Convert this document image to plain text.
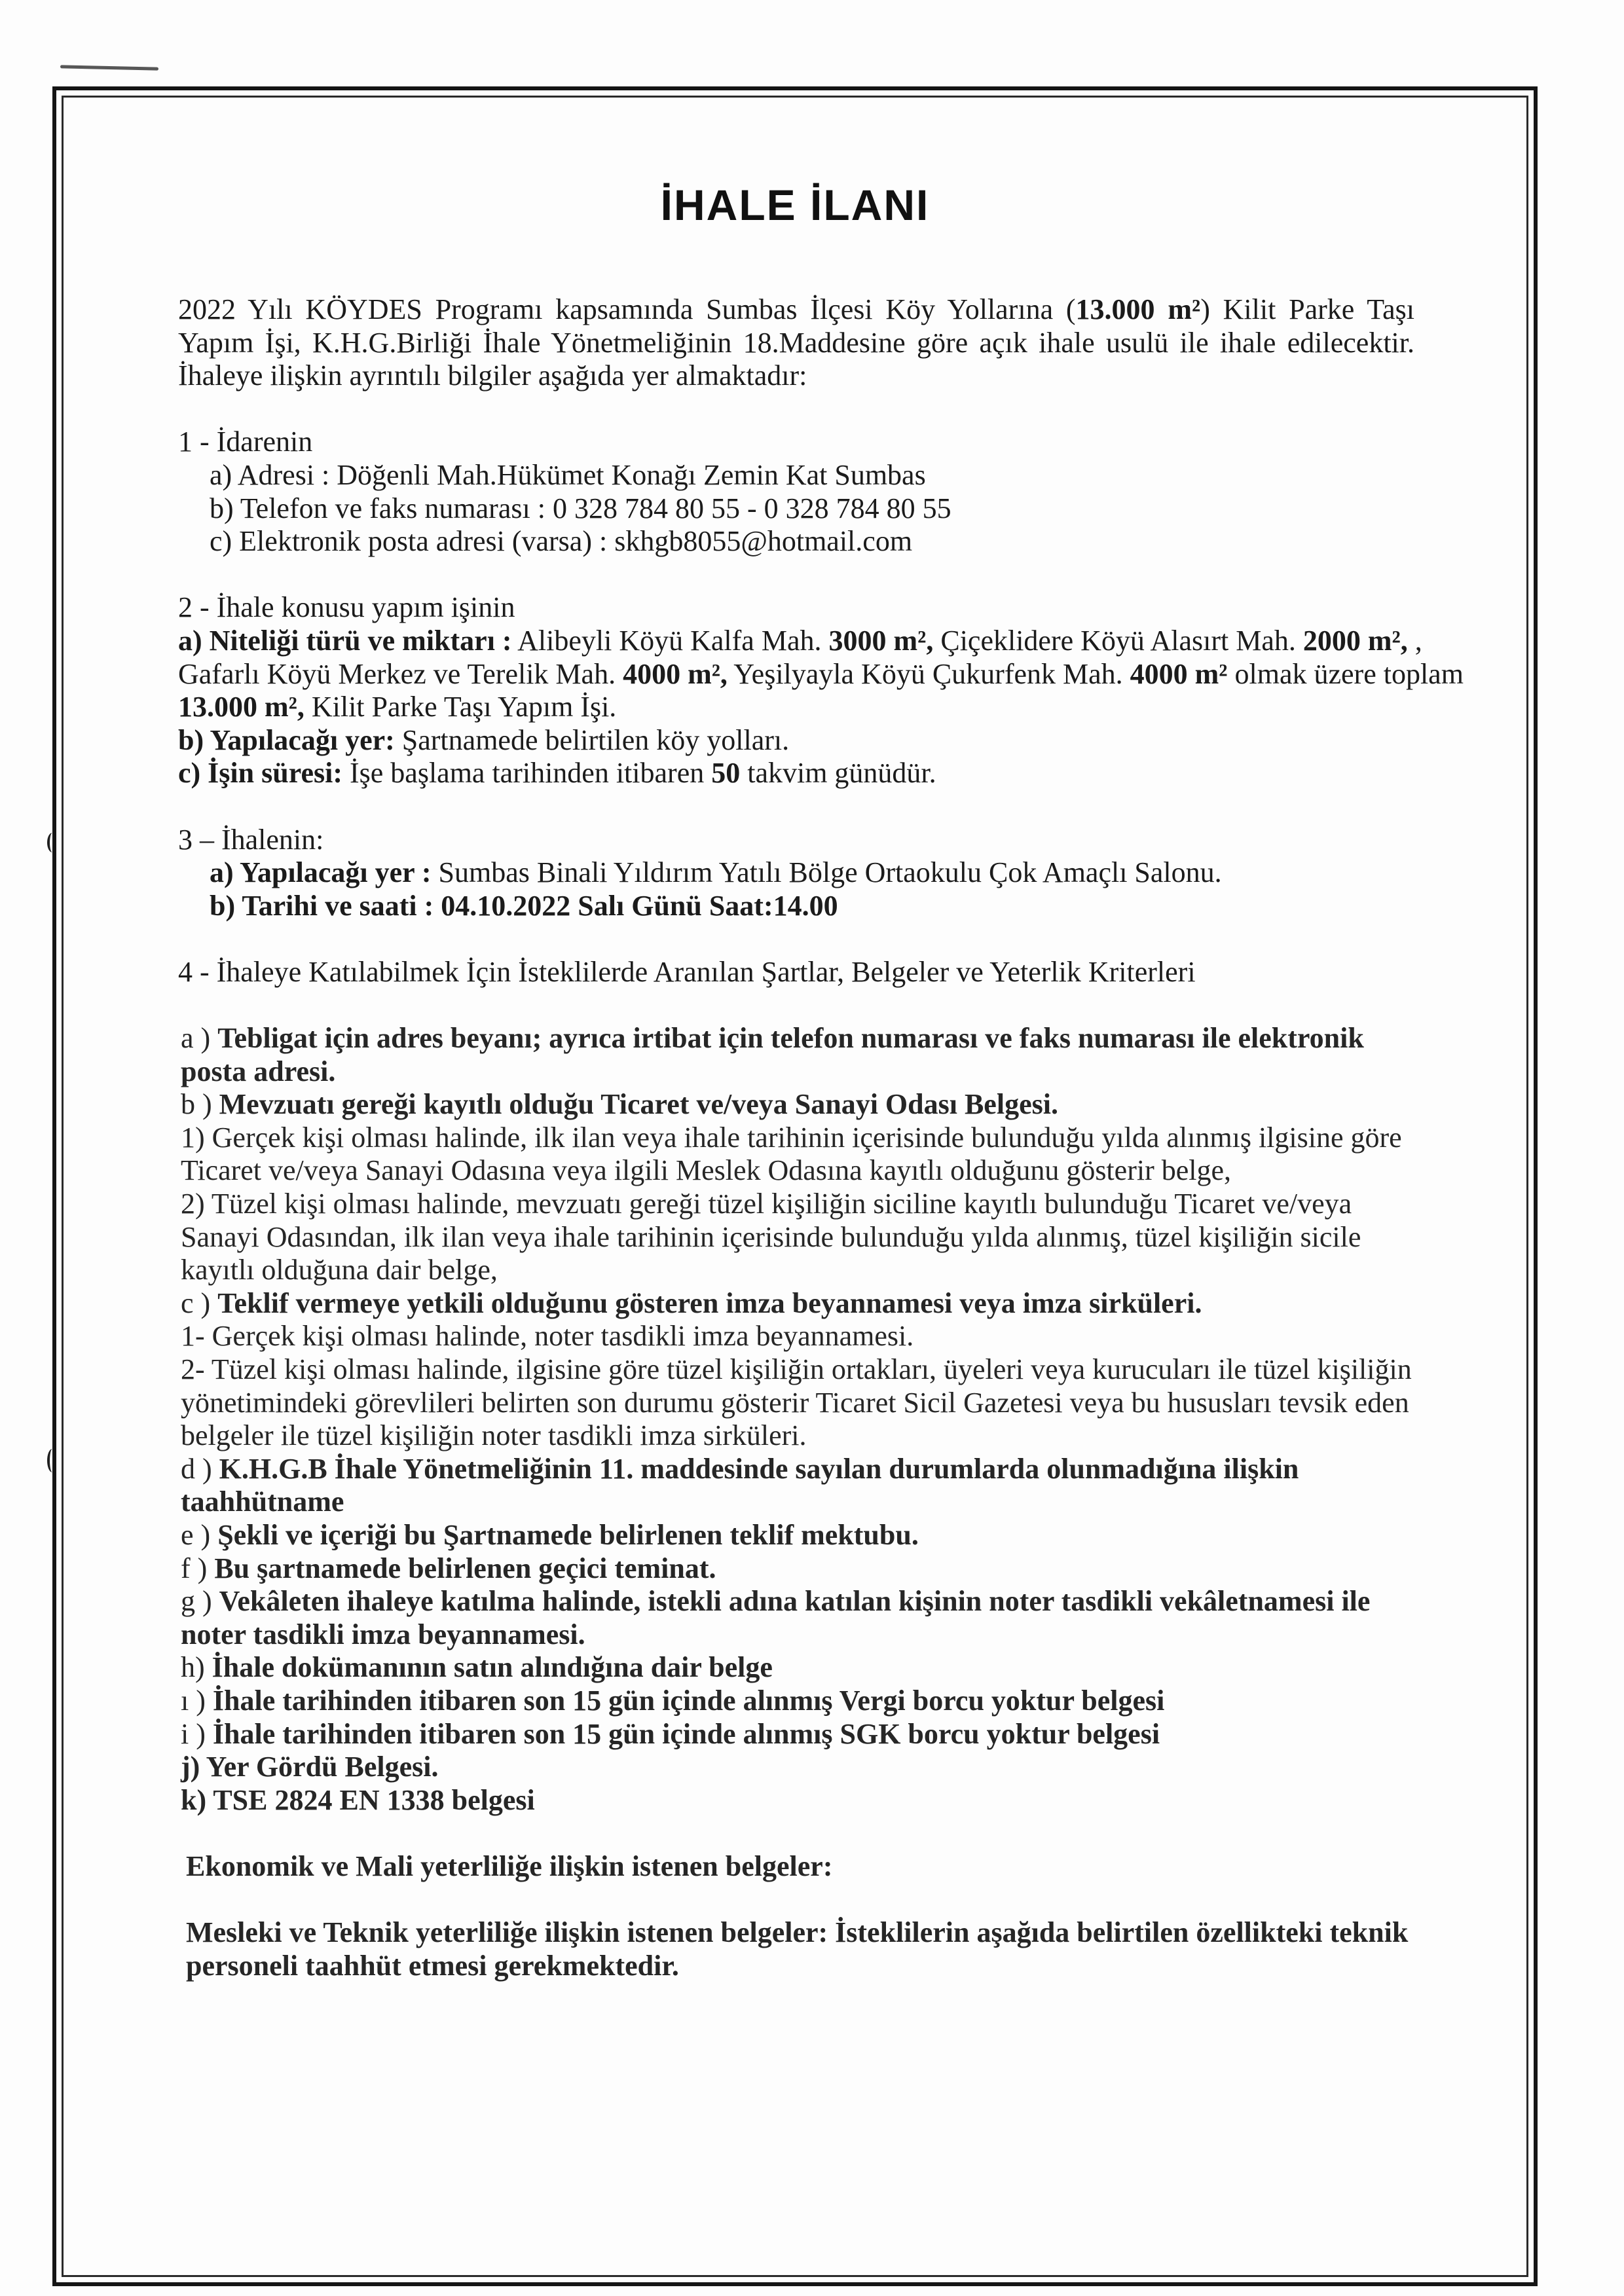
İHALE İLANI
2022 Yılı KÖYDES Programı kapsamında Sumbas İlçesi Köy Yollarına (13.000 m²) Kilit Parke Taşı
Yapım İşi, K.H.G.Birliği İhale Yönetmeliğinin 18.Maddesine göre açık ihale usulü ile ihale edilecektir.
İhaleye ilişkin ayrıntılı bilgiler aşağıda yer almaktadır:
1 - İdarenin
a) Adresi : Döğenli Mah.Hükümet Konağı Zemin Kat Sumbas
b) Telefon ve faks numarası : 0 328 784 80 55 - 0 328 784 80 55
c) Elektronik posta adresi (varsa) : skhgb8055@hotmail.com
2 - İhale konusu yapım işinin
a) Niteliği türü ve miktarı : Alibeyli Köyü Kalfa Mah. 3000 m², Çiçeklidere Köyü Alasırt Mah. 2000 m², ,
Gafarlı Köyü Merkez ve Terelik Mah. 4000 m², Yeşilyayla Köyü Çukurfenk Mah. 4000 m² olmak üzere toplam
13.000 m², Kilit Parke Taşı Yapım İşi.
b) Yapılacağı yer: Şartnamede belirtilen köy yolları.
c) İşin süresi: İşe başlama tarihinden itibaren 50 takvim günüdür.
3 – İhalenin:
a) Yapılacağı yer : Sumbas Binali Yıldırım Yatılı Bölge Ortaokulu Çok Amaçlı Salonu.
b) Tarihi ve saati : 04.10.2022 Salı Günü Saat:14.00
4 - İhaleye Katılabilmek İçin İsteklilerde Aranılan Şartlar, Belgeler ve Yeterlik Kriterleri
a ) Tebligat için adres beyanı; ayrıca irtibat için telefon numarası ve faks numarası ile elektronik
posta adresi.
b ) Mevzuatı gereği kayıtlı olduğu Ticaret ve/veya Sanayi Odası Belgesi.
1) Gerçek kişi olması halinde, ilk ilan veya ihale tarihinin içerisinde bulunduğu yılda alınmış ilgisine göre
Ticaret ve/veya Sanayi Odasına veya ilgili Meslek Odasına kayıtlı olduğunu gösterir belge,
2) Tüzel kişi olması halinde, mevzuatı gereği tüzel kişiliğin siciline kayıtlı bulunduğu Ticaret ve/veya
Sanayi Odasından, ilk ilan veya ihale tarihinin içerisinde bulunduğu yılda alınmış, tüzel kişiliğin sicile
kayıtlı olduğuna dair belge,
c ) Teklif vermeye yetkili olduğunu gösteren imza beyannamesi veya imza sirküleri.
1- Gerçek kişi olması halinde, noter tasdikli imza beyannamesi.
2- Tüzel kişi olması halinde, ilgisine göre tüzel kişiliğin ortakları, üyeleri veya kurucuları ile tüzel kişiliğin
yönetimindeki görevlileri belirten son durumu gösterir Ticaret Sicil Gazetesi veya bu hususları tevsik eden
belgeler ile tüzel kişiliğin noter tasdikli imza sirküleri.
d ) K.H.G.B İhale Yönetmeliğinin 11. maddesinde sayılan durumlarda olunmadığına ilişkin
taahhütname
e ) Şekli ve içeriği bu Şartnamede belirlenen teklif mektubu.
f ) Bu şartnamede belirlenen geçici teminat.
g ) Vekâleten ihaleye katılma halinde, istekli adına katılan kişinin noter tasdikli vekâletnamesi ile
noter tasdikli imza beyannamesi.
h) İhale dokümanının satın alındığına dair belge
ı ) İhale tarihinden itibaren son 15 gün içinde alınmış Vergi borcu yoktur belgesi
i ) İhale tarihinden itibaren son 15 gün içinde alınmış SGK borcu yoktur belgesi
j) Yer Gördü Belgesi.
k) TSE 2824 EN 1338 belgesi
Ekonomik ve Mali yeterliliğe ilişkin istenen belgeler:
Mesleki ve Teknik yeterliliğe ilişkin istenen belgeler: İsteklilerin aşağıda belirtilen özellikteki teknik
personeli taahhüt etmesi gerekmektedir.
